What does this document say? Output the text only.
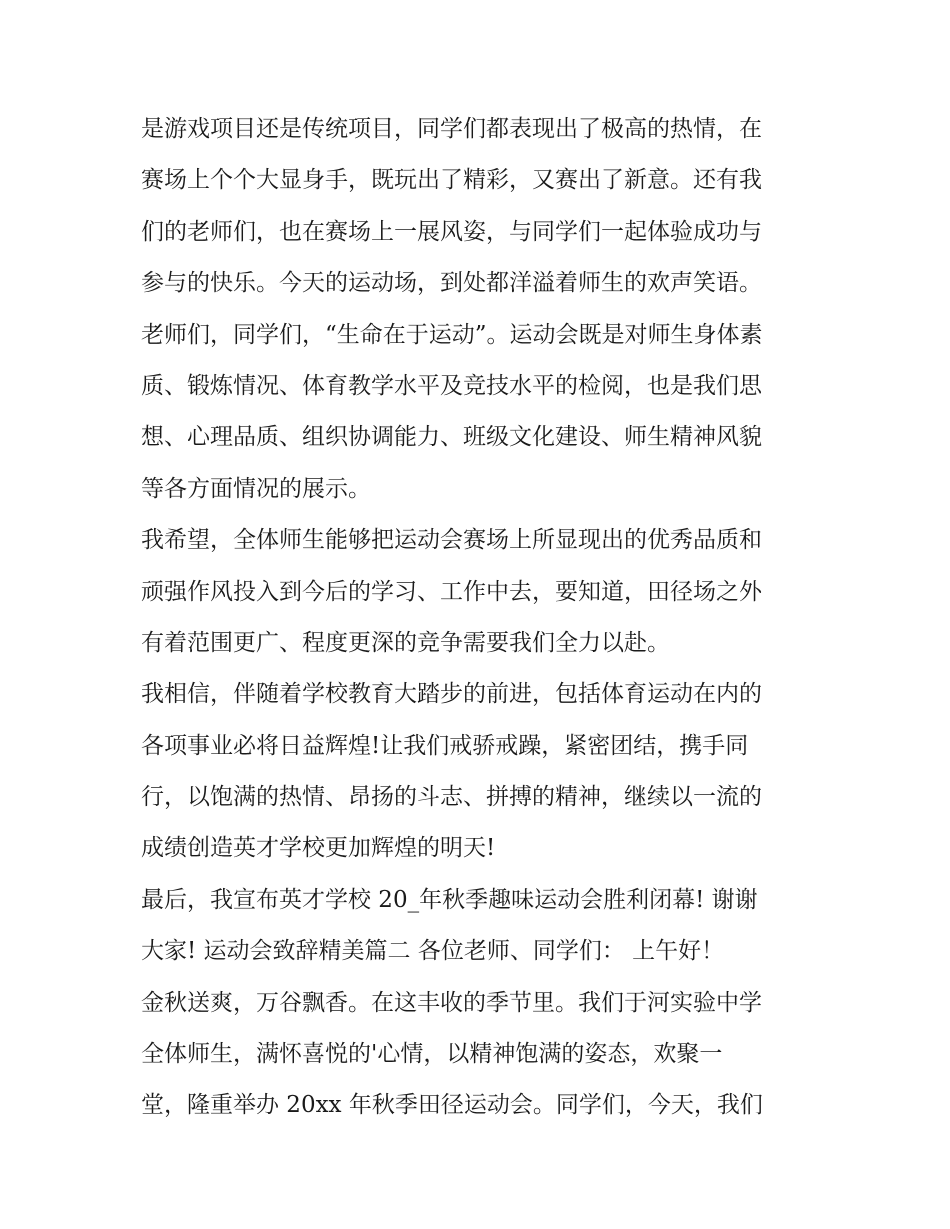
是游戏项目还是传统项目，同学们都表现出了极高的热情，在
赛场上个个大显身手，既玩出了精彩，又赛出了新意。还有我
们的老师们，也在赛场上一展风姿，与同学们一起体验成功与
参与的快乐。今天的运动场，到处都洋溢着师生的欢声笑语。
老师们，同学们，“生命在于运动”。运动会既是对师生身体素
质、锻炼情况、体育教学水平及竞技水平的检阅，也是我们思
想、心理品质、组织协调能力、班级文化建设、师生精神风貌
等各方面情况的展示。
我希望，全体师生能够把运动会赛场上所显现出的优秀品质和
顽强作风投入到今后的学习、工作中去，要知道，田径场之外
有着范围更广、程度更深的竞争需要我们全力以赴。
我相信，伴随着学校教育大踏步的前进，包括体育运动在内的
各项事业必将日益辉煌!让我们戒骄戒躁，紧密团结，携手同
行，以饱满的热情、昂扬的斗志、拼搏的精神，继续以一流的
成绩创造英才学校更加辉煌的明天!
最后，我宣布英才学校 20_年秋季趣味运动会胜利闭幕! 谢谢
大家! 运动会致辞精美篇二 各位老师、同学们： 上午好！
金秋送爽，万谷飘香。在这丰收的季节里。我们于河实验中学
全体师生，满怀喜悦的'心情，以精神饱满的姿态，欢聚一
堂，隆重举办 20xx 年秋季田径运动会。同学们，今天，我们
